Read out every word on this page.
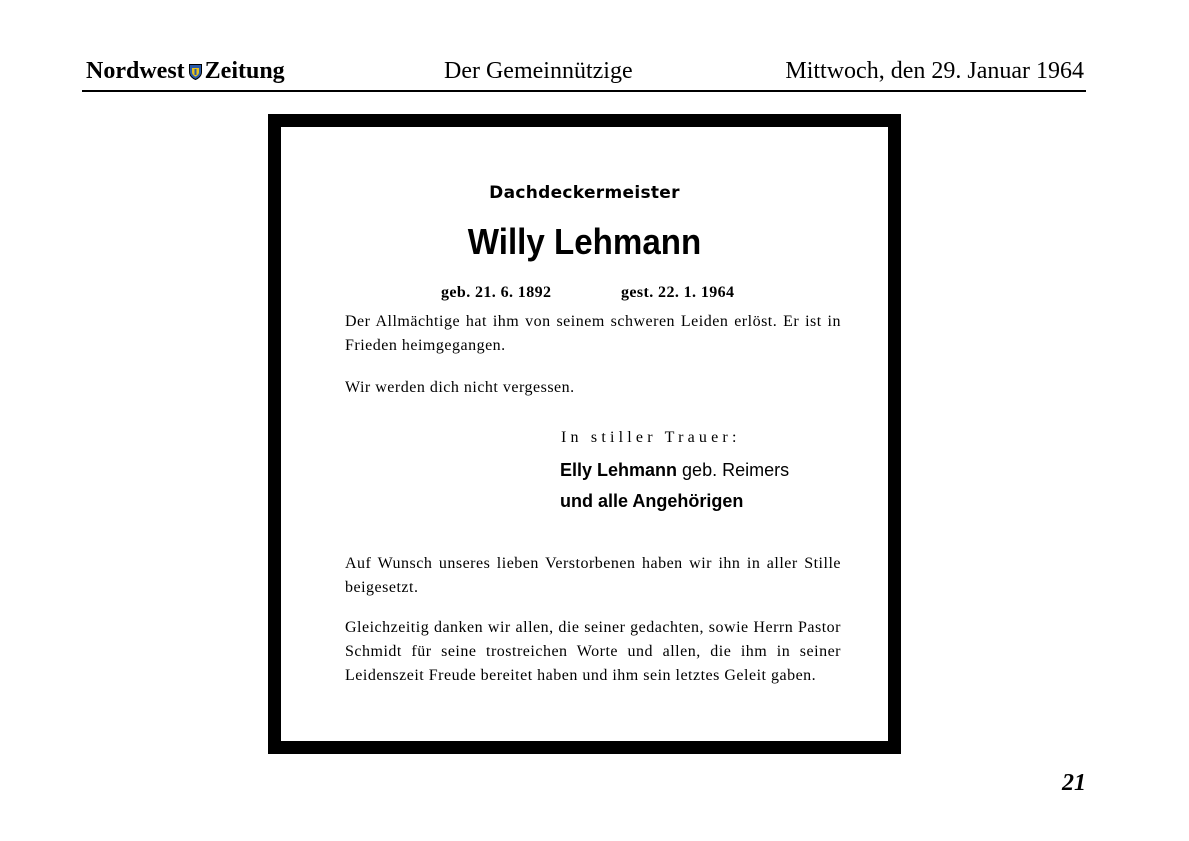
Nordwest Zeitung	Der Gemeinnützige	Mittwoch, den 29. Januar 1964
Dachdeckermeister
Willy Lehmann
geb. 21. 6. 1892	gest. 22. 1. 1964
Der Allmächtige hat ihm von seinem schweren Leiden erlöst. Er ist in Frieden heimgegangen.
Wir werden dich nicht vergessen.
In stiller Trauer:
Elly Lehmann geb. Reimers
und alle Angehörigen
Auf Wunsch unseres lieben Verstorbenen haben wir ihn in aller Stille beigesetzt.
Gleichzeitig danken wir allen, die seiner gedachten, sowie Herrn Pastor Schmidt für seine trostreichen Worte und allen, die ihm in seiner Leidenszeit Freude bereitet haben und ihm sein letztes Geleit gaben.
21
